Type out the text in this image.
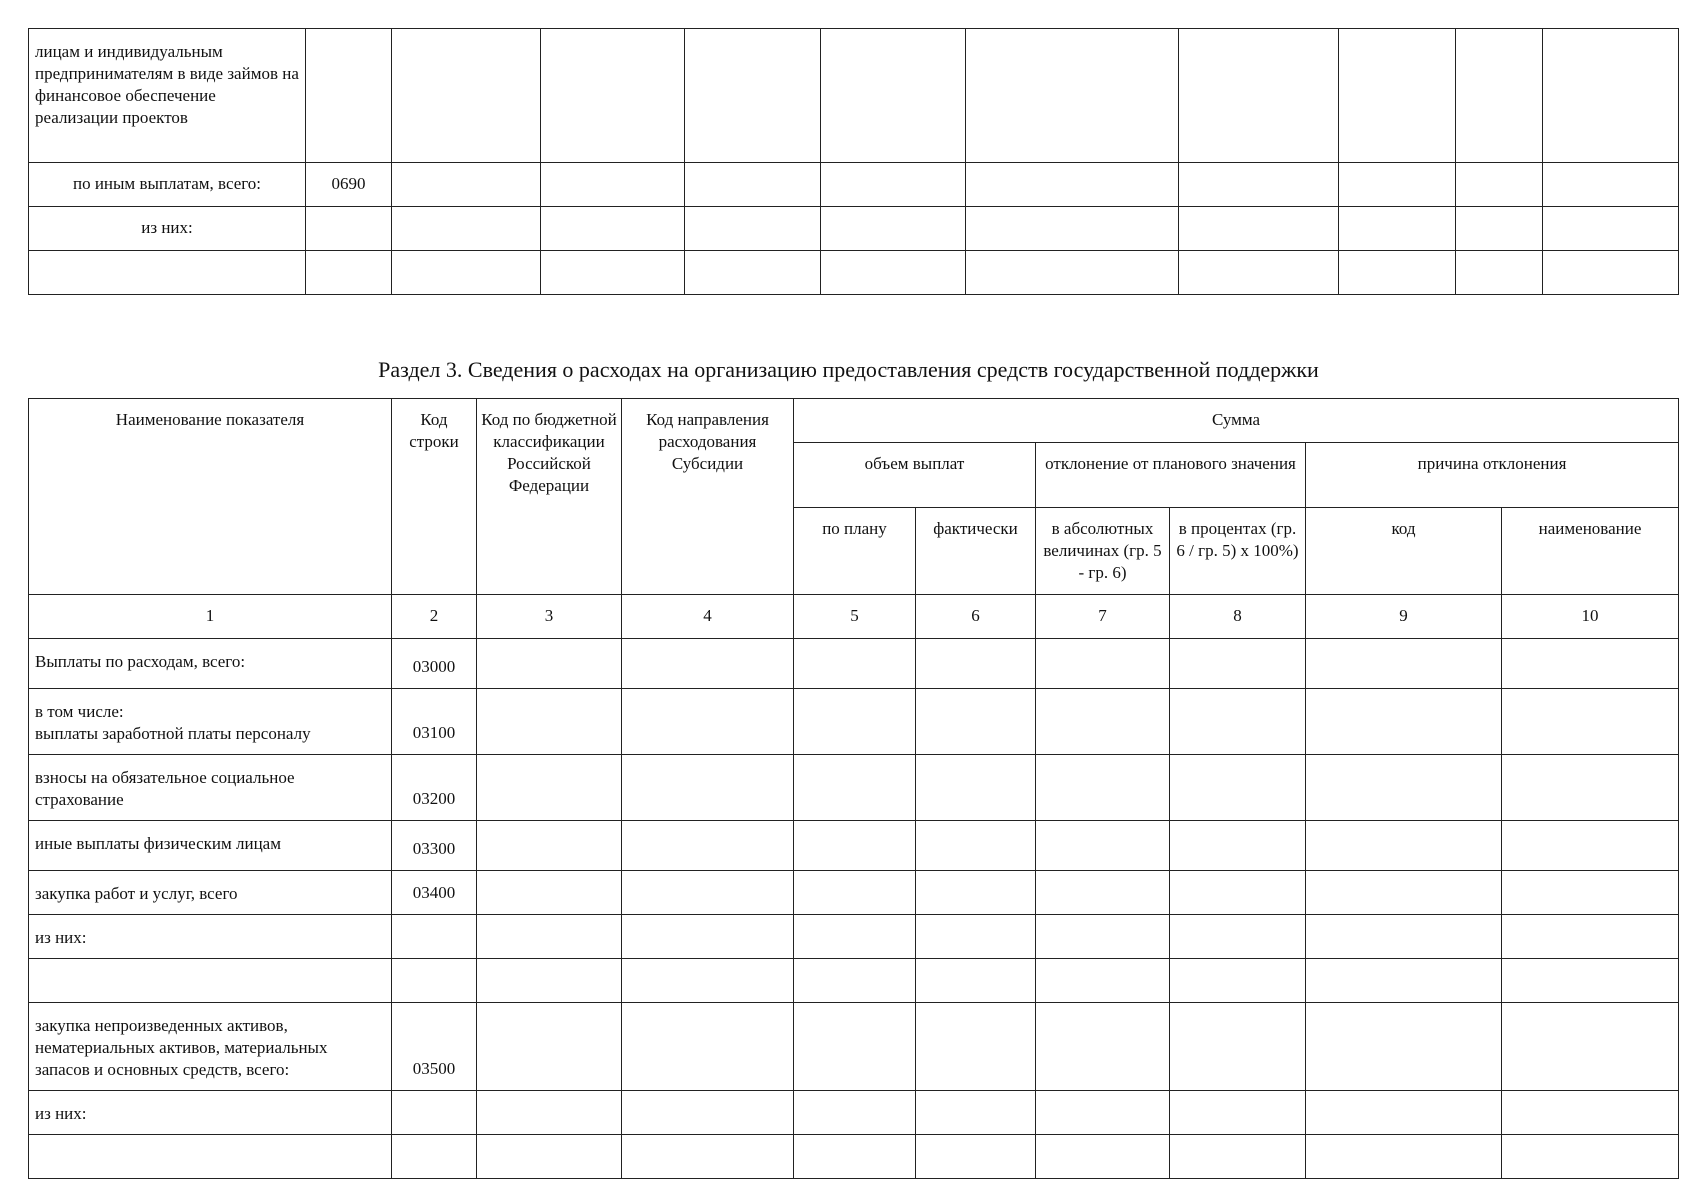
лицам и индивидуальным предпринимателям в виде займов на финансовое обеспечение реализации проектов										
по иным выплатам, всего:	0690									
из них:										

Раздел 3. Сведения о расходах на организацию предоставления средств государственной поддержки
Наименование показателя	Код строки	Код по бюджетной классификации Российской Федерации	Код направления расходования Субсидии	Сумма					
				объем выплат		отклонение от планового значения		причина отклонения	
				по плану	фактически	в абсолютных величинах (гр. 5 - гр. 6)	в процентах (гр. 6 / гр. 5) x 100%)	код	наименование
1	2	3	4	5	6	7	8	9	10
Выплаты по расходам, всего:	03000								
в том числе:
выплаты заработной платы персоналу	03100								
взносы на обязательное социальное страхование	03200								
иные выплаты физическим лицам	03300								
закупка работ и услуг, всего	03400								
из них:									

закупка непроизведенных активов, нематериальных активов, материальных запасов и основных средств, всего:	03500								
из них:									
